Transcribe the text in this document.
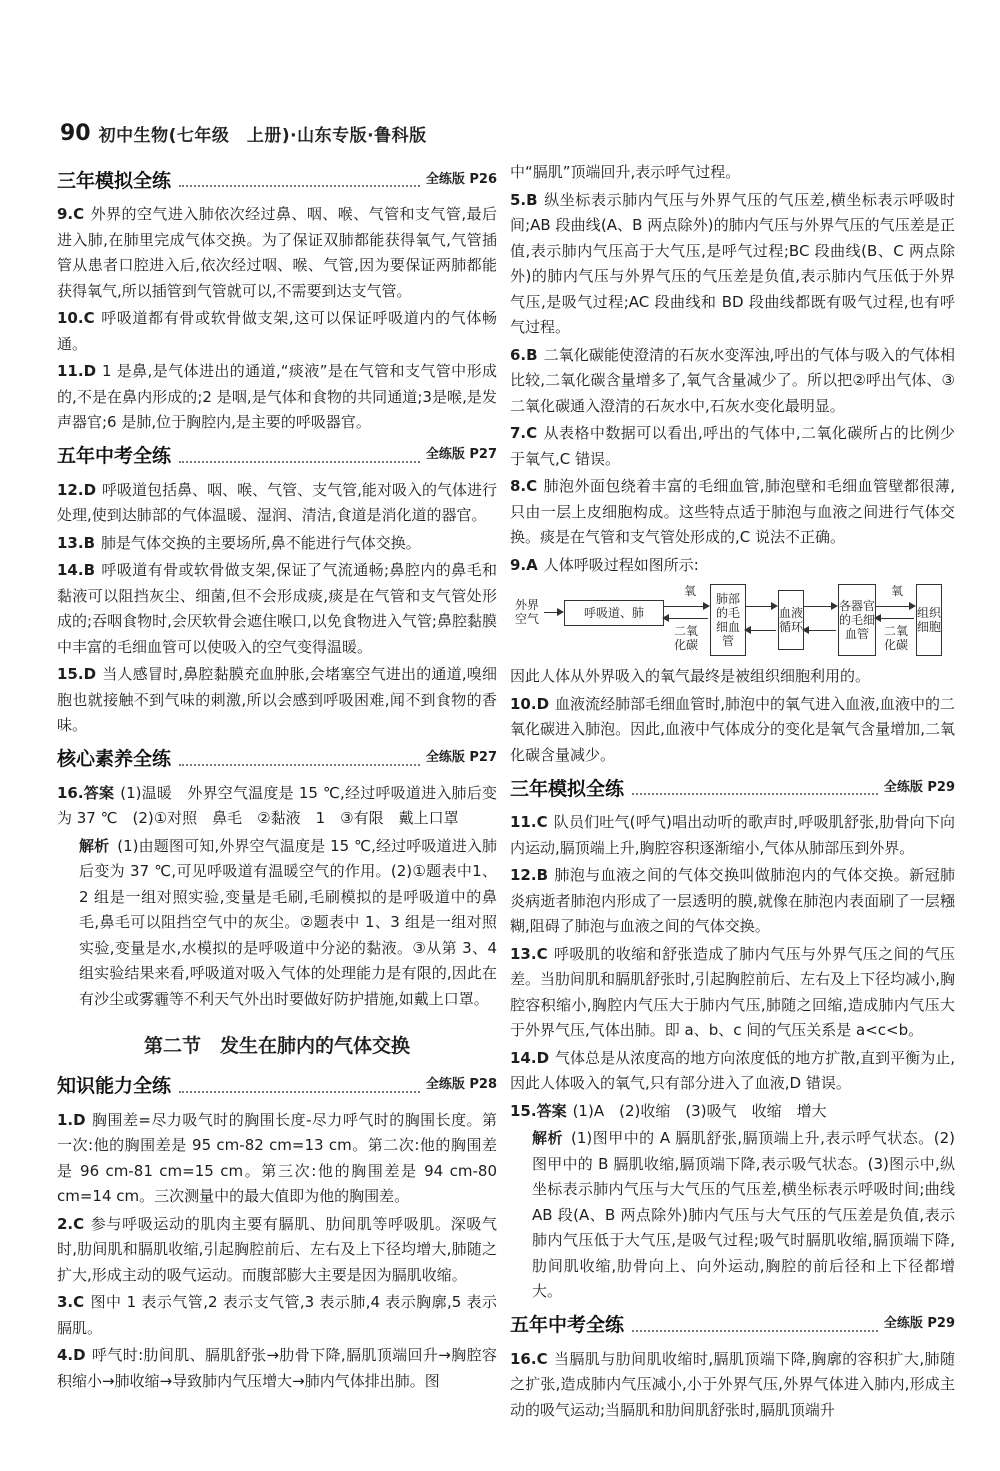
90 初中生物(七年级　上册)·山东专版·鲁科版
三年模拟全练	全练版 P26

9.C 外界的空气进入肺依次经过鼻、咽、喉、气管和支气管,最后进入肺,在肺里完成气体交换。为了保证双肺都能获得氧气,气管插管从患者口腔进入后,依次经过咽、喉、气管,因为要保证两肺都能获得氧气,所以插管到气管就可以,不需要到达支气管。

10.C 呼吸道都有骨或软骨做支架,这可以保证呼吸道内的气体畅通。

11.D 1 是鼻,是气体进出的通道,“痰液”是在气管和支气管中形成的,不是在鼻内形成的;2 是咽,是气体和食物的共同通道;3是喉,是发声器官;6 是肺,位于胸腔内,是主要的呼吸器官。

五年中考全练	全练版 P27

12.D 呼吸道包括鼻、咽、喉、气管、支气管,能对吸入的气体进行处理,使到达肺部的气体温暖、湿润、清洁,食道是消化道的器官。

13.B 肺是气体交换的主要场所,鼻不能进行气体交换。

14.B 呼吸道有骨或软骨做支架,保证了气流通畅;鼻腔内的鼻毛和黏液可以阻挡灰尘、细菌,但不会形成痰,痰是在气管和支气管处形成的;吞咽食物时,会厌软骨会遮住喉口,以免食物进入气管;鼻腔黏膜中丰富的毛细血管可以使吸入的空气变得温暖。

15.D 当人感冒时,鼻腔黏膜充血肿胀,会堵塞空气进出的通道,嗅细胞也就接触不到气味的刺激,所以会感到呼吸困难,闻不到食物的香味。

核心素养全练	全练版 P27

16.答案 (1)温暖　外界空气温度是 15 ℃,经过呼吸道进入肺后变为 37 ℃　(2)①对照　鼻毛　②黏液　1　③有限　戴上口罩

解析 (1)由题图可知,外界空气温度是 15 ℃,经过呼吸道进入肺后变为 37 ℃,可见呼吸道有温暖空气的作用。(2)①题表中1、2 组是一组对照实验,变量是毛刷,毛刷模拟的是呼吸道中的鼻毛,鼻毛可以阻挡空气中的灰尘。②题表中 1、3 组是一组对照实验,变量是水,水模拟的是呼吸道中分泌的黏液。③从第 3、4 组实验结果来看,呼吸道对吸入气体的处理能力是有限的,因此在有沙尘或雾霾等不利天气外出时要做好防护措施,如戴上口罩。

第二节　发生在肺内的气体交换
知识能力全练	全练版 P28

1.D 胸围差=尽力吸气时的胸围长度-尽力呼气时的胸围长度。第一次:他的胸围差是 95 cm-82 cm=13 cm。第二次:他的胸围差是 96 cm-81 cm=15 cm。第三次:他的胸围差是 94 cm-80 cm=14 cm。三次测量中的最大值即为他的胸围差。

2.C 参与呼吸运动的肌肉主要有膈肌、肋间肌等呼吸肌。深吸气时,肋间肌和膈肌收缩,引起胸腔前后、左右及上下径均增大,肺随之扩大,形成主动的吸气运动。而腹部膨大主要是因为膈肌收缩。

3.C 图中 1 表示气管,2 表示支气管,3 表示肺,4 表示胸廓,5 表示膈肌。

4.D 呼气时:肋间肌、膈肌舒张→肋骨下降,膈肌顶端回升→胸腔容积缩小→肺收缩→导致肺内气压增大→肺内气体排出肺。图

中“膈肌”顶端回升,表示呼气过程。

5.B 纵坐标表示肺内气压与外界气压的气压差,横坐标表示呼吸时间;AB 段曲线(A、B 两点除外)的肺内气压与外界气压的气压差是正值,表示肺内气压高于大气压,是呼气过程;BC 段曲线(B、C 两点除外)的肺内气压与外界气压的气压差是负值,表示肺内气压低于外界气压,是吸气过程;AC 段曲线和 BD 段曲线都既有吸气过程,也有呼气过程。

6.B 二氧化碳能使澄清的石灰水变浑浊,呼出的气体与吸入的气体相比较,二氧化碳含量增多了,氧气含量减少了。所以把②呼出气体、③二氧化碳通入澄清的石灰水中,石灰水变化最明显。

7.C 从表格中数据可以看出,呼出的气体中,二氧化碳所占的比例少于氧气,C 错误。

8.C 肺泡外面包绕着丰富的毛细血管,肺泡壁和毛细血管壁都很薄,只由一层上皮细胞构成。这些特点适于肺泡与血液之间进行气体交换。痰是在气管和支气管处形成的,C 说法不正确。

9.A 人体呼吸过程如图所示:

外界空气	呼吸道、肺
氧
二氧化碳
肺部的毛细血管
血液循环
各器官的毛细血管
氧
二氧化碳
组织细胞

因此人体从外界吸入的氧气最终是被组织细胞利用的。

10.D 血液流经肺部毛细血管时,肺泡中的氧气进入血液,血液中的二氧化碳进入肺泡。因此,血液中气体成分的变化是氧气含量增加,二氧化碳含量减少。

三年模拟全练	全练版 P29

11.C 队员们吐气(呼气)唱出动听的歌声时,呼吸肌舒张,肋骨向下向内运动,膈顶端上升,胸腔容积逐渐缩小,气体从肺部压到外界。

12.B 肺泡与血液之间的气体交换叫做肺泡内的气体交换。新冠肺炎病逝者肺泡内形成了一层透明的膜,就像在肺泡内表面刷了一层糨糊,阻碍了肺泡与血液之间的气体交换。

13.C 呼吸肌的收缩和舒张造成了肺内气压与外界气压之间的气压差。当肋间肌和膈肌舒张时,引起胸腔前后、左右及上下径均减小,胸腔容积缩小,胸腔内气压大于肺内气压,肺随之回缩,造成肺内气压大于外界气压,气体出肺。即 a、b、c 间的气压关系是 a<c<b。

14.D 气体总是从浓度高的地方向浓度低的地方扩散,直到平衡为止,因此人体吸入的氧气,只有部分进入了血液,D 错误。

15.答案 (1)A　(2)收缩　(3)吸气　收缩　增大

解析 (1)图甲中的 A 膈肌舒张,膈顶端上升,表示呼气状态。(2)图甲中的 B 膈肌收缩,膈顶端下降,表示吸气状态。(3)图示中,纵坐标表示肺内气压与大气压的气压差,横坐标表示呼吸时间;曲线 AB 段(A、B 两点除外)肺内气压与大气压的气压差是负值,表示肺内气压低于大气压,是吸气过程;吸气时膈肌收缩,膈顶端下降,肋间肌收缩,肋骨向上、向外运动,胸腔的前后径和上下径都增大。

五年中考全练	全练版 P29

16.C 当膈肌与肋间肌收缩时,膈肌顶端下降,胸廓的容积扩大,肺随之扩张,造成肺内气压减小,小于外界气压,外界气体进入肺内,形成主动的吸气运动;当膈肌和肋间肌舒张时,膈肌顶端升
